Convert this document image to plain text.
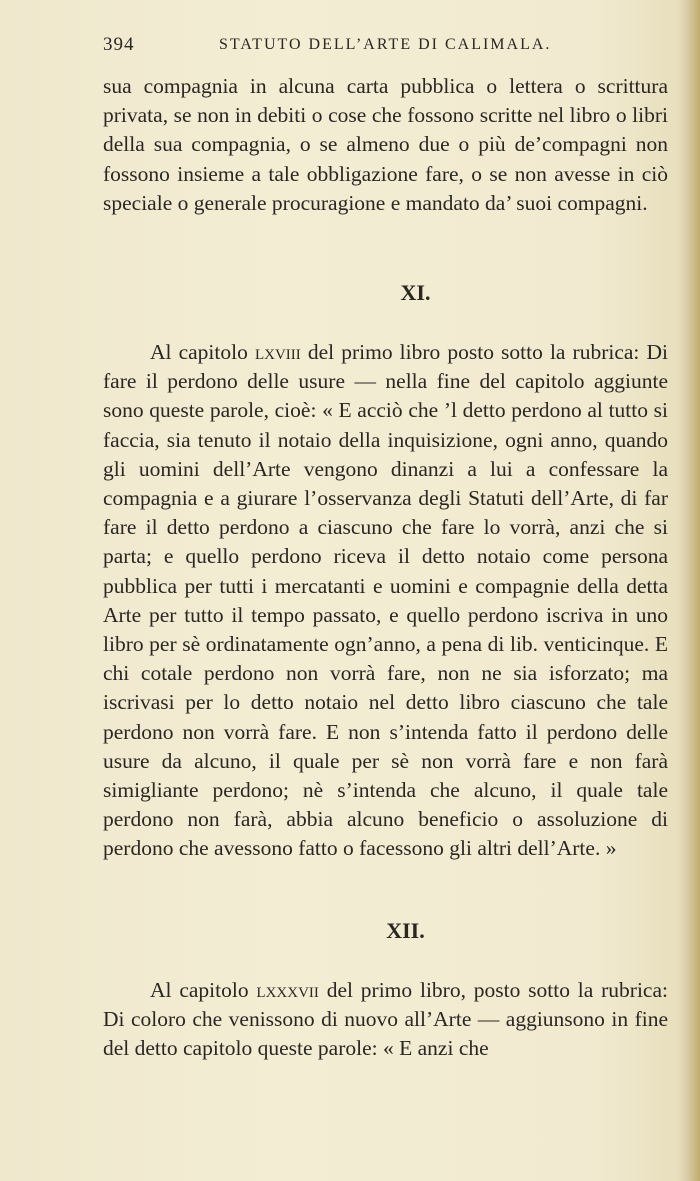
394	STATUTO DELL’ARTE DI CALIMALA.

sua compagnia in alcuna carta pubblica o lettera o scrittura privata, se non in debiti o cose che fossono scritte nel libro o libri della sua compagnia, o se almeno due o più de’compagni non fossono insieme a tale obbligazione fare, o se non avesse in ciò speciale o generale procuragione e mandato da’ suoi compagni.

XI.

Al capitolo lxviii del primo libro posto sotto la rubrica: Di fare il perdono delle usure — nella fine del capitolo aggiunte sono queste parole, cioè: « E acciò che ’l detto perdono al tutto si faccia, sia tenuto il notaio della inquisizione, ogni anno, quando gli uomini dell’Arte vengono dinanzi a lui a confessare la compagnia e a giurare l’osservanza degli Statuti dell’Arte, di far fare il detto perdono a ciascuno che fare lo vorrà, anzi che si parta; e quello perdono riceva il detto notaio come persona pubblica per tutti i mercatanti e uomini e compagnie della detta Arte per tutto il tempo passato, e quello perdono iscriva in uno libro per sè ordinatamente ogn’anno, a pena di lib. venticinque. E chi cotale perdono non vorrà fare, non ne sia isforzato; ma iscrivasi per lo detto notaio nel detto libro ciascuno che tale perdono non vorrà fare. E non s’intenda fatto il perdono delle usure da alcuno, il quale per sè non vorrà fare e non farà simigliante perdono; nè s’intenda che alcuno, il quale tale perdono non farà, abbia alcuno beneficio o assoluzione di perdono che avessono fatto o facessono gli altri dell’Arte. »

XII.

Al capitolo lxxxvii del primo libro, posto sotto la rubrica: Di coloro che venissono di nuovo all’Arte — aggiunsono in fine del detto capitolo queste parole: « E anzi che
